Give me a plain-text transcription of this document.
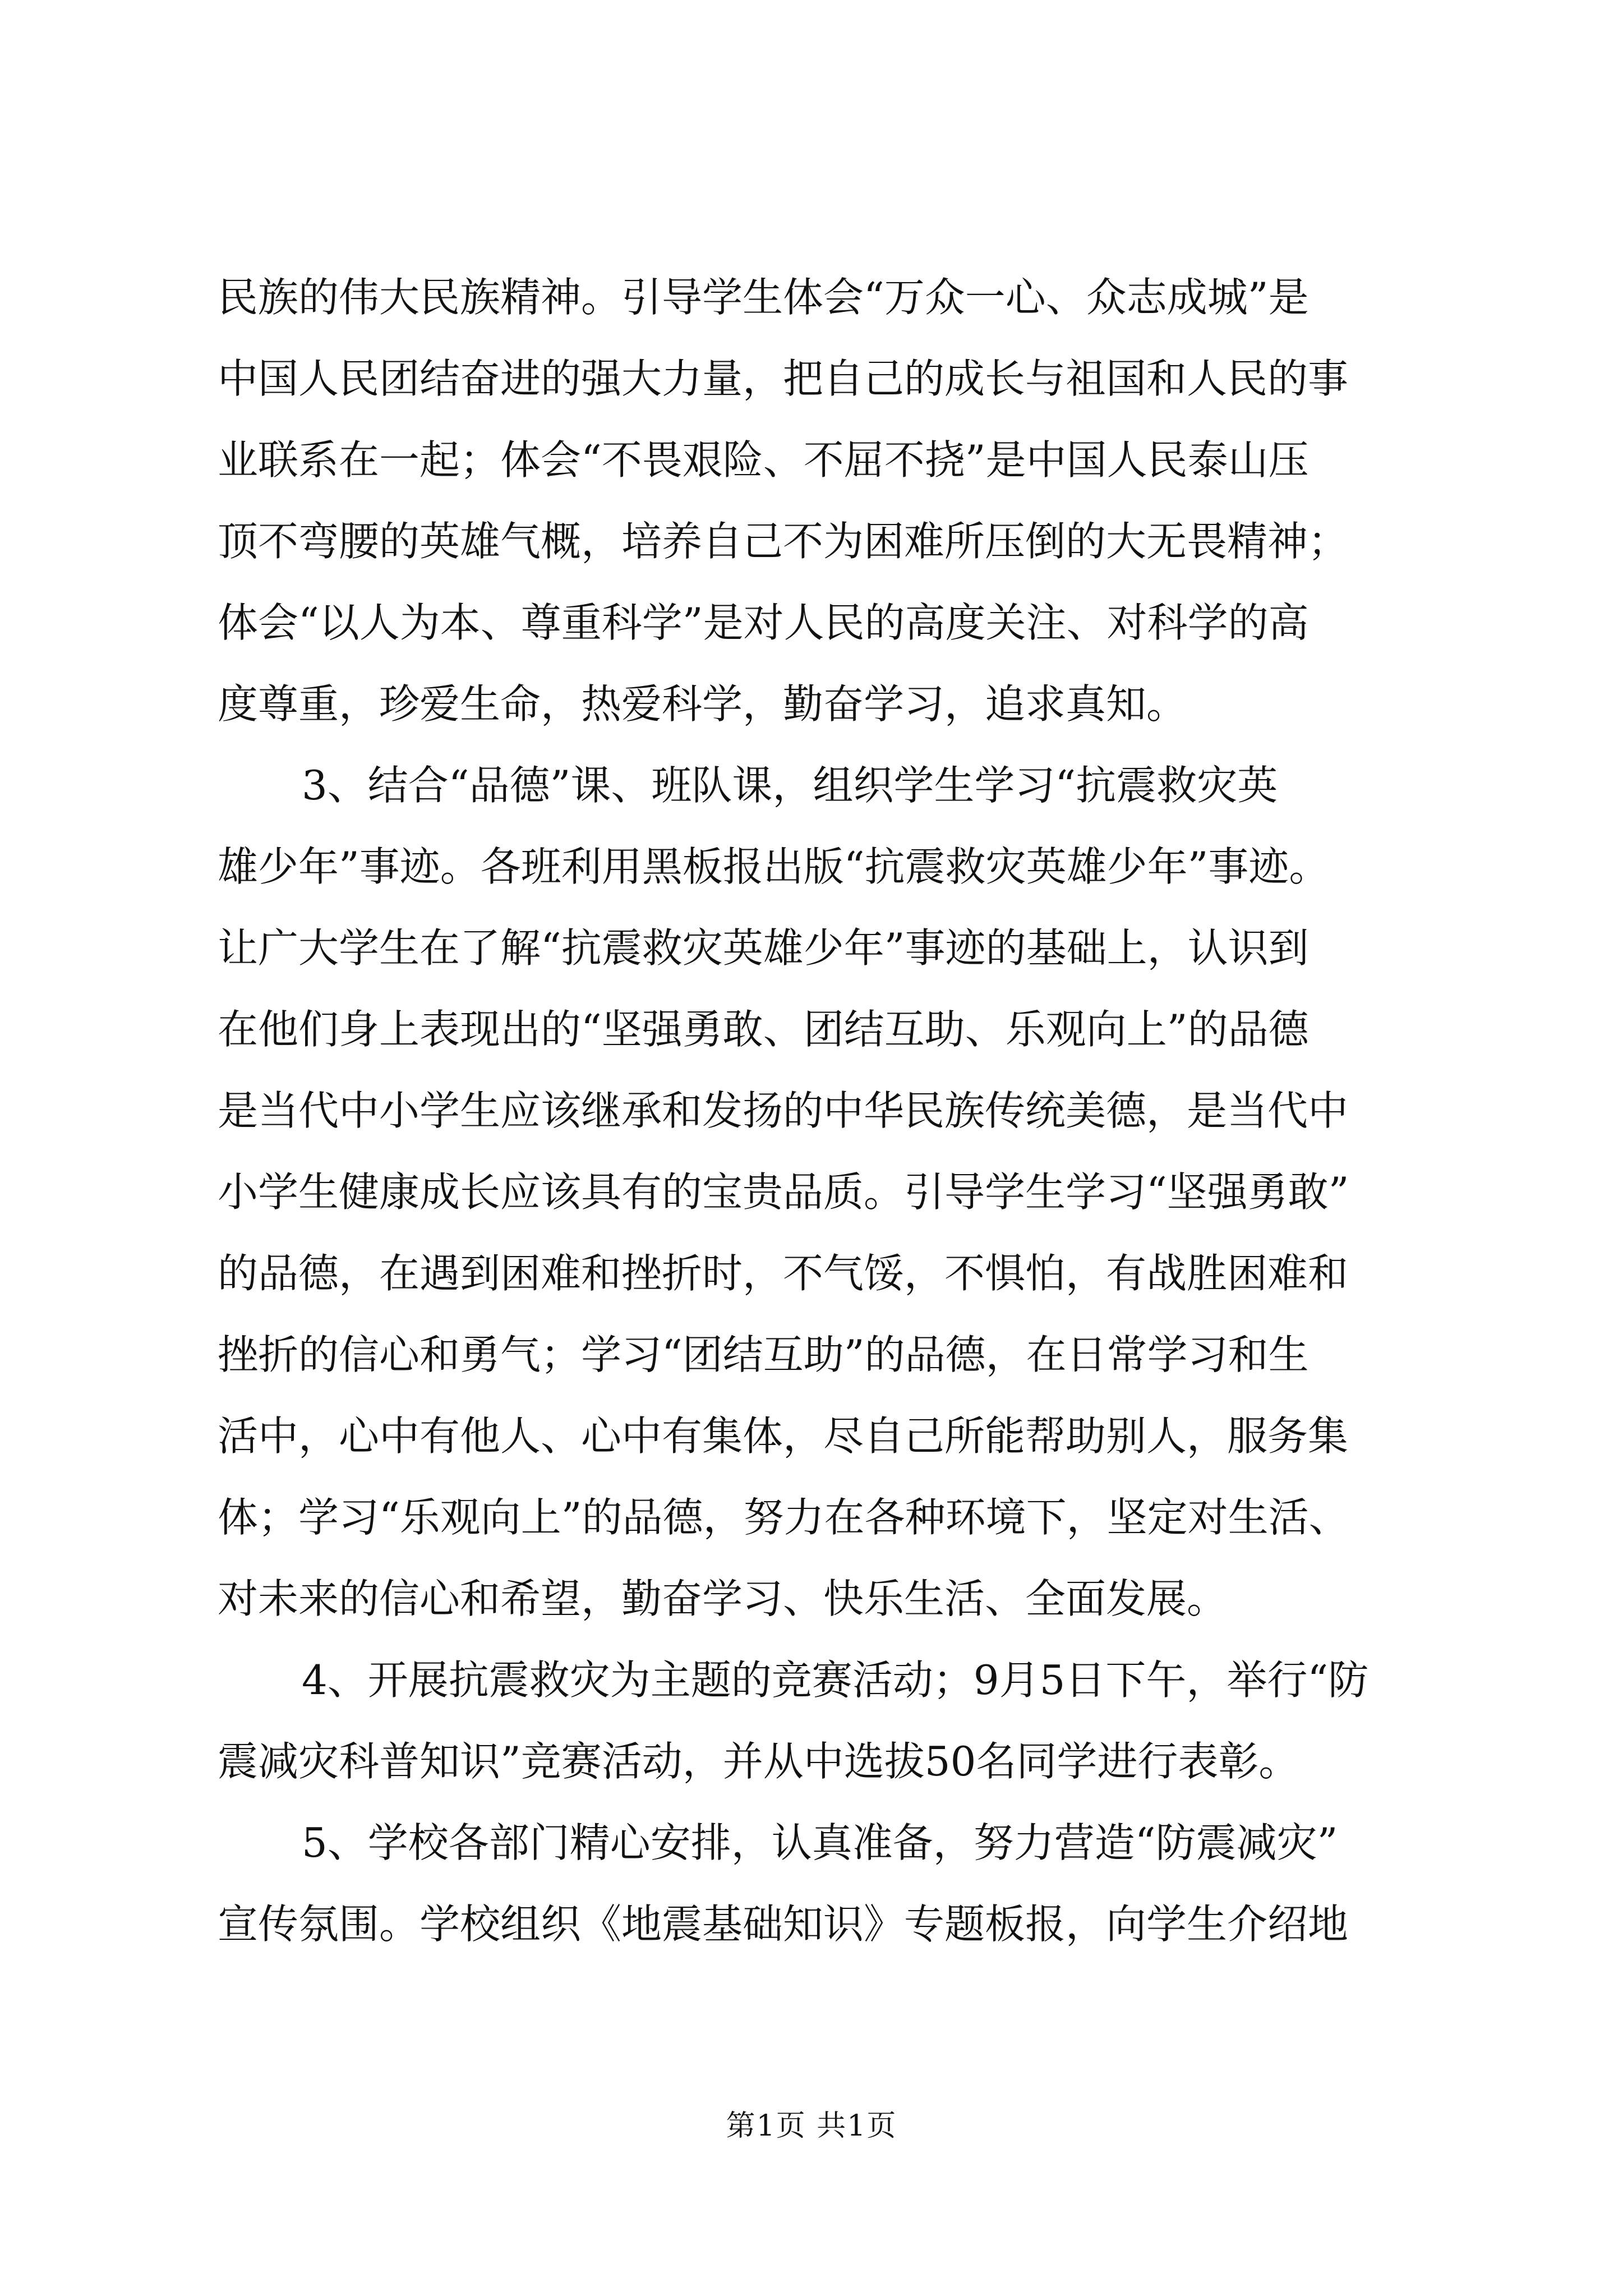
民族的伟大民族精神。引导学生体会“万众一心、众志成城”是
中国人民团结奋进的强大力量，把自己的成长与祖国和人民的事
业联系在一起；体会“不畏艰险、不屈不挠”是中国人民泰山压
顶不弯腰的英雄气概，培养自己不为困难所压倒的大无畏精神；
体会“以人为本、尊重科学”是对人民的高度关注、对科学的高
度尊重，珍爱生命，热爱科学，勤奋学习，追求真知。
3、结合“品德”课、班队课，组织学生学习“抗震救灾英
雄少年”事迹。各班利用黑板报出版“抗震救灾英雄少年”事迹。
让广大学生在了解“抗震救灾英雄少年”事迹的基础上，认识到
在他们身上表现出的“坚强勇敢、团结互助、乐观向上”的品德
是当代中小学生应该继承和发扬的中华民族传统美德，是当代中
小学生健康成长应该具有的宝贵品质。引导学生学习“坚强勇敢”
的品德，在遇到困难和挫折时，不气馁，不惧怕，有战胜困难和
挫折的信心和勇气；学习“团结互助”的品德，在日常学习和生
活中，心中有他人、心中有集体，尽自己所能帮助别人，服务集
体；学习“乐观向上”的品德，努力在各种环境下，坚定对生活、
对未来的信心和希望，勤奋学习、快乐生活、全面发展。
4、开展抗震救灾为主题的竞赛活动；9月5日下午，举行“防
震减灾科普知识”竞赛活动，并从中选拔50名同学进行表彰。
5、学校各部门精心安排，认真准备，努力营造“防震减灾”
宣传氛围。学校组织《地震基础知识》专题板报，向学生介绍地
第1页 共1页
